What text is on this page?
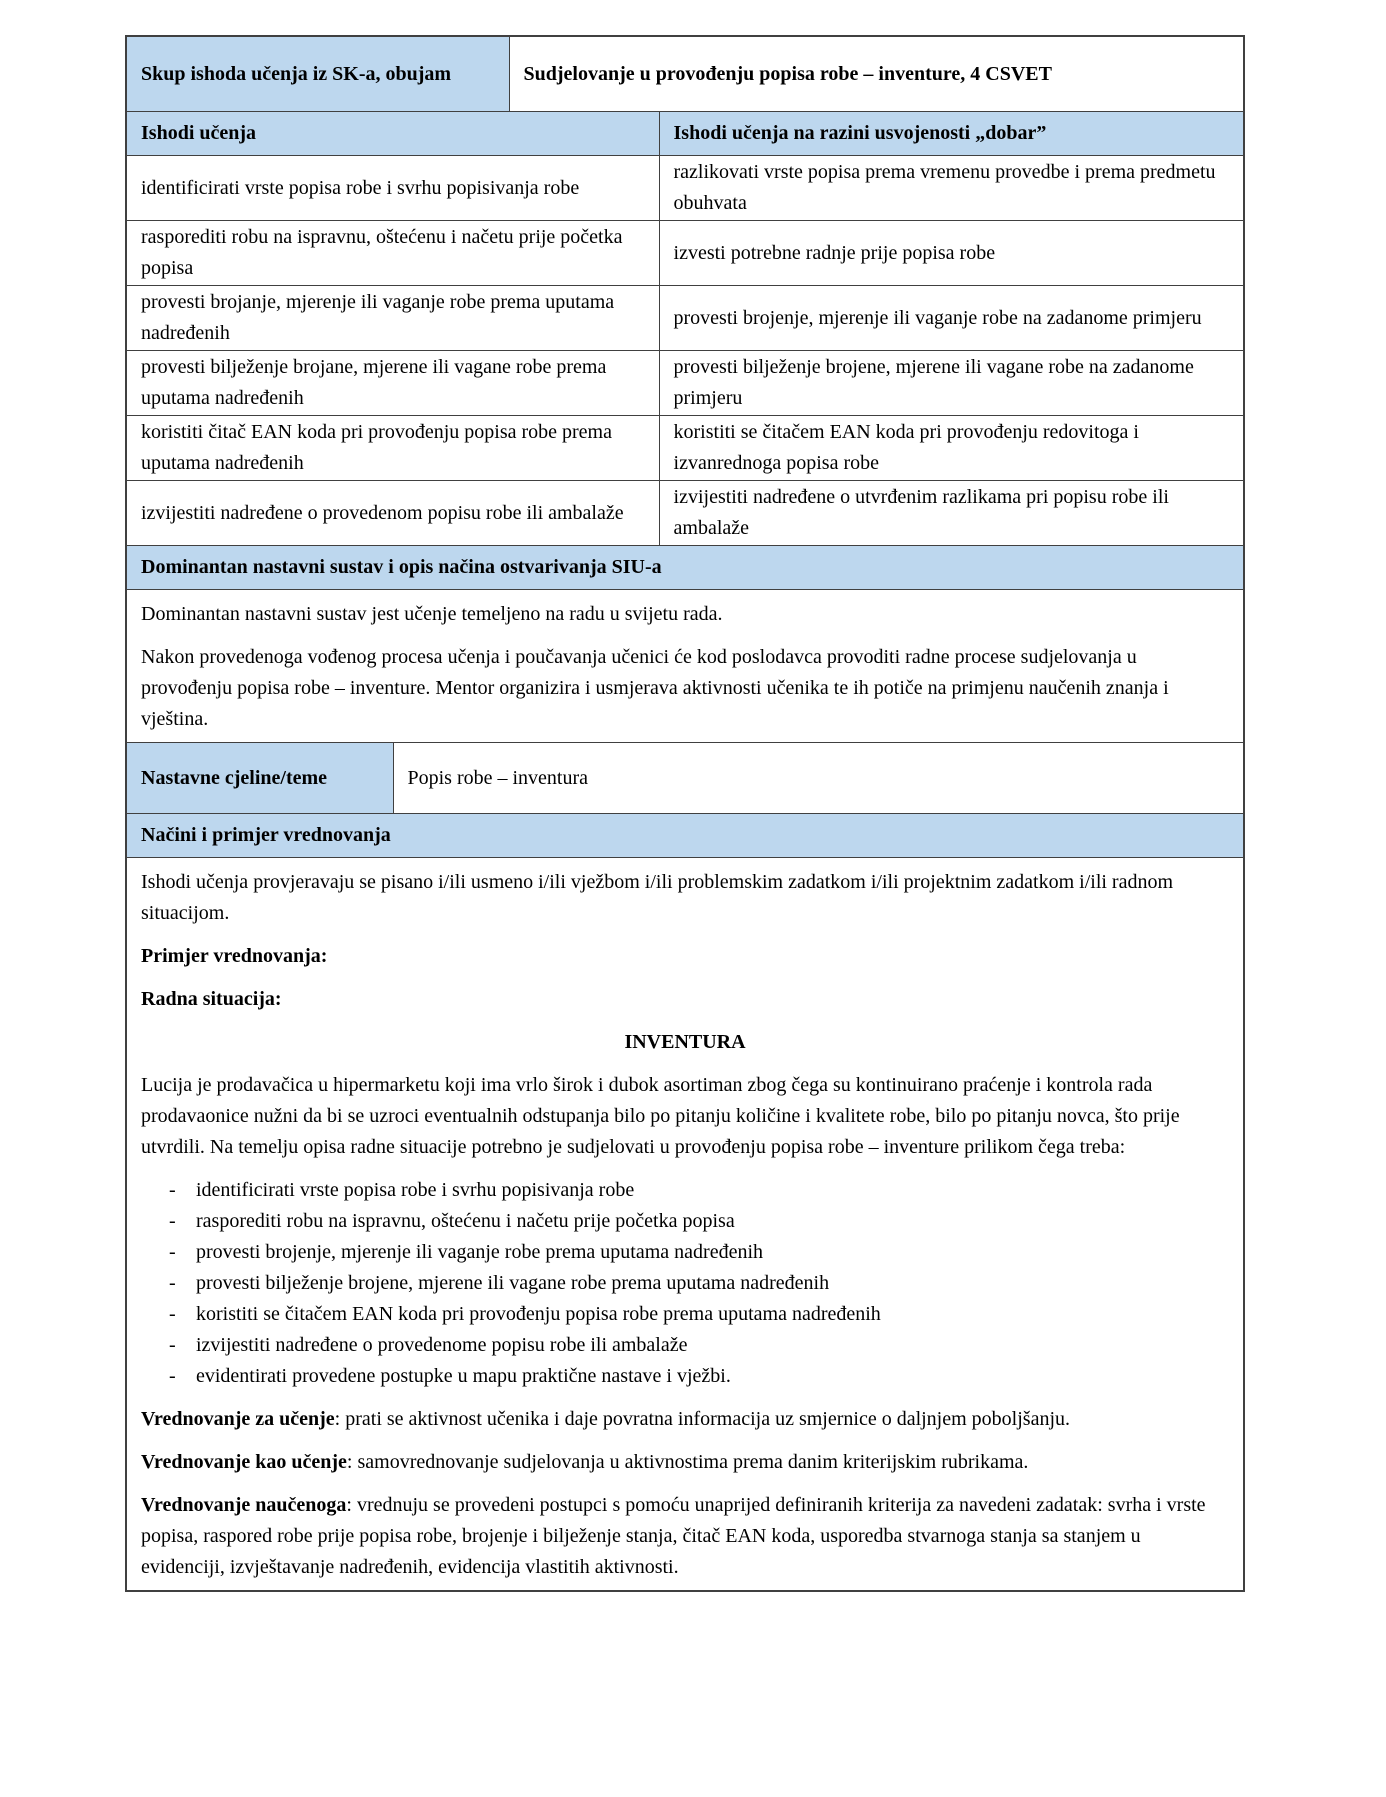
Skup ishoda učenja iz SK-a, obujam		Sudjelovanje u provođenju popisa robe – inventure, 4 CSVET	
Ishodi učenja			Ishodi učenja na razini usvojenosti „dobar”
identificirati vrste popisa robe i svrhu popisivanja robe			razlikovati vrste popisa prema vremenu provedbe i prema predmetu obuhvata
rasporediti robu na ispravnu, oštećenu i načetu prije početka popisa			izvesti potrebne radnje prije popisa robe
provesti brojanje, mjerenje ili vaganje robe prema uputama nadređenih			provesti brojenje, mjerenje ili vaganje robe na zadanome primjeru
provesti bilježenje brojane, mjerene ili vagane robe prema uputama nadređenih			provesti bilježenje brojene, mjerene ili vagane robe na zadanome primjeru
koristiti čitač EAN koda pri provođenju popisa robe prema uputama nadređenih			koristiti se čitačem EAN koda pri provođenju redovitoga i izvanrednoga popisa robe
izvijestiti nadređene o provedenom popisu robe ili ambalaže			izvijestiti nadređene o utvrđenim razlikama pri popisu robe ili ambalaže
Dominantan nastavni sustav i opis načina ostvarivanja SIU-a			

Dominantan nastavni sustav jest učenje temeljeno na radu u svijetu rada.

Nakon provedenoga vođenog procesa učenja i poučavanja učenici će kod poslodavca provoditi radne procese sudjelovanja u provođenju popisa robe – inventure. Mentor organizira i usmjerava aktivnosti učenika te ih potiče na primjenu naučenih znanja i vještina.			

Nastavne cjeline/teme	Popis robe – inventura		
Načini i primjer vrednovanja			

Ishodi učenja provjeravaju se pisano i/ili usmeno i/ili vježbom i/ili problemskim zadatkom i/ili projektnim zadatkom i/ili radnom situacijom.

Primjer vrednovanja:

Radna situacija:

INVENTURA

Lucija je prodavačica u hipermarketu koji ima vrlo širok i dubok asortiman zbog čega su kontinuirano praćenje i kontrola rada prodavaonice nužni da bi se uzroci eventualnih odstupanja bilo po pitanju količine i kvalitete robe, bilo po pitanju novca, što prije utvrdili. Na temelju opisa radne situacije potrebno je sudjelovati u provođenju popisa robe – inventure prilikom čega treba:

-	identificirati vrste popisa robe i svrhu popisivanja robe
-	rasporediti robu na ispravnu, oštećenu i načetu prije početka popisa
-	provesti brojenje, mjerenje ili vaganje robe prema uputama nadređenih
-	provesti bilježenje brojene, mjerene ili vagane robe prema uputama nadređenih
-	koristiti se čitačem EAN koda pri provođenju popisa robe prema uputama nadređenih
-	izvijestiti nadređene o provedenome popisu robe ili ambalaže
-	evidentirati provedene postupke u mapu praktične nastave i vježbi.

Vrednovanje za učenje: prati se aktivnost učenika i daje povratna informacija uz smjernice o daljnjem poboljšanju.

Vrednovanje kao učenje: samovrednovanje sudjelovanja u aktivnostima prema danim kriterijskim rubrikama.

Vrednovanje naučenoga: vrednuju se provedeni postupci s pomoću unaprijed definiranih kriterija za navedeni zadatak: svrha i vrste popisa, raspored robe prije popisa robe, brojenje i bilježenje stanja, čitač EAN koda, usporedba stvarnoga stanja sa stanjem u evidenciji, izvještavanje nadređenih, evidencija vlastitih aktivnosti.
